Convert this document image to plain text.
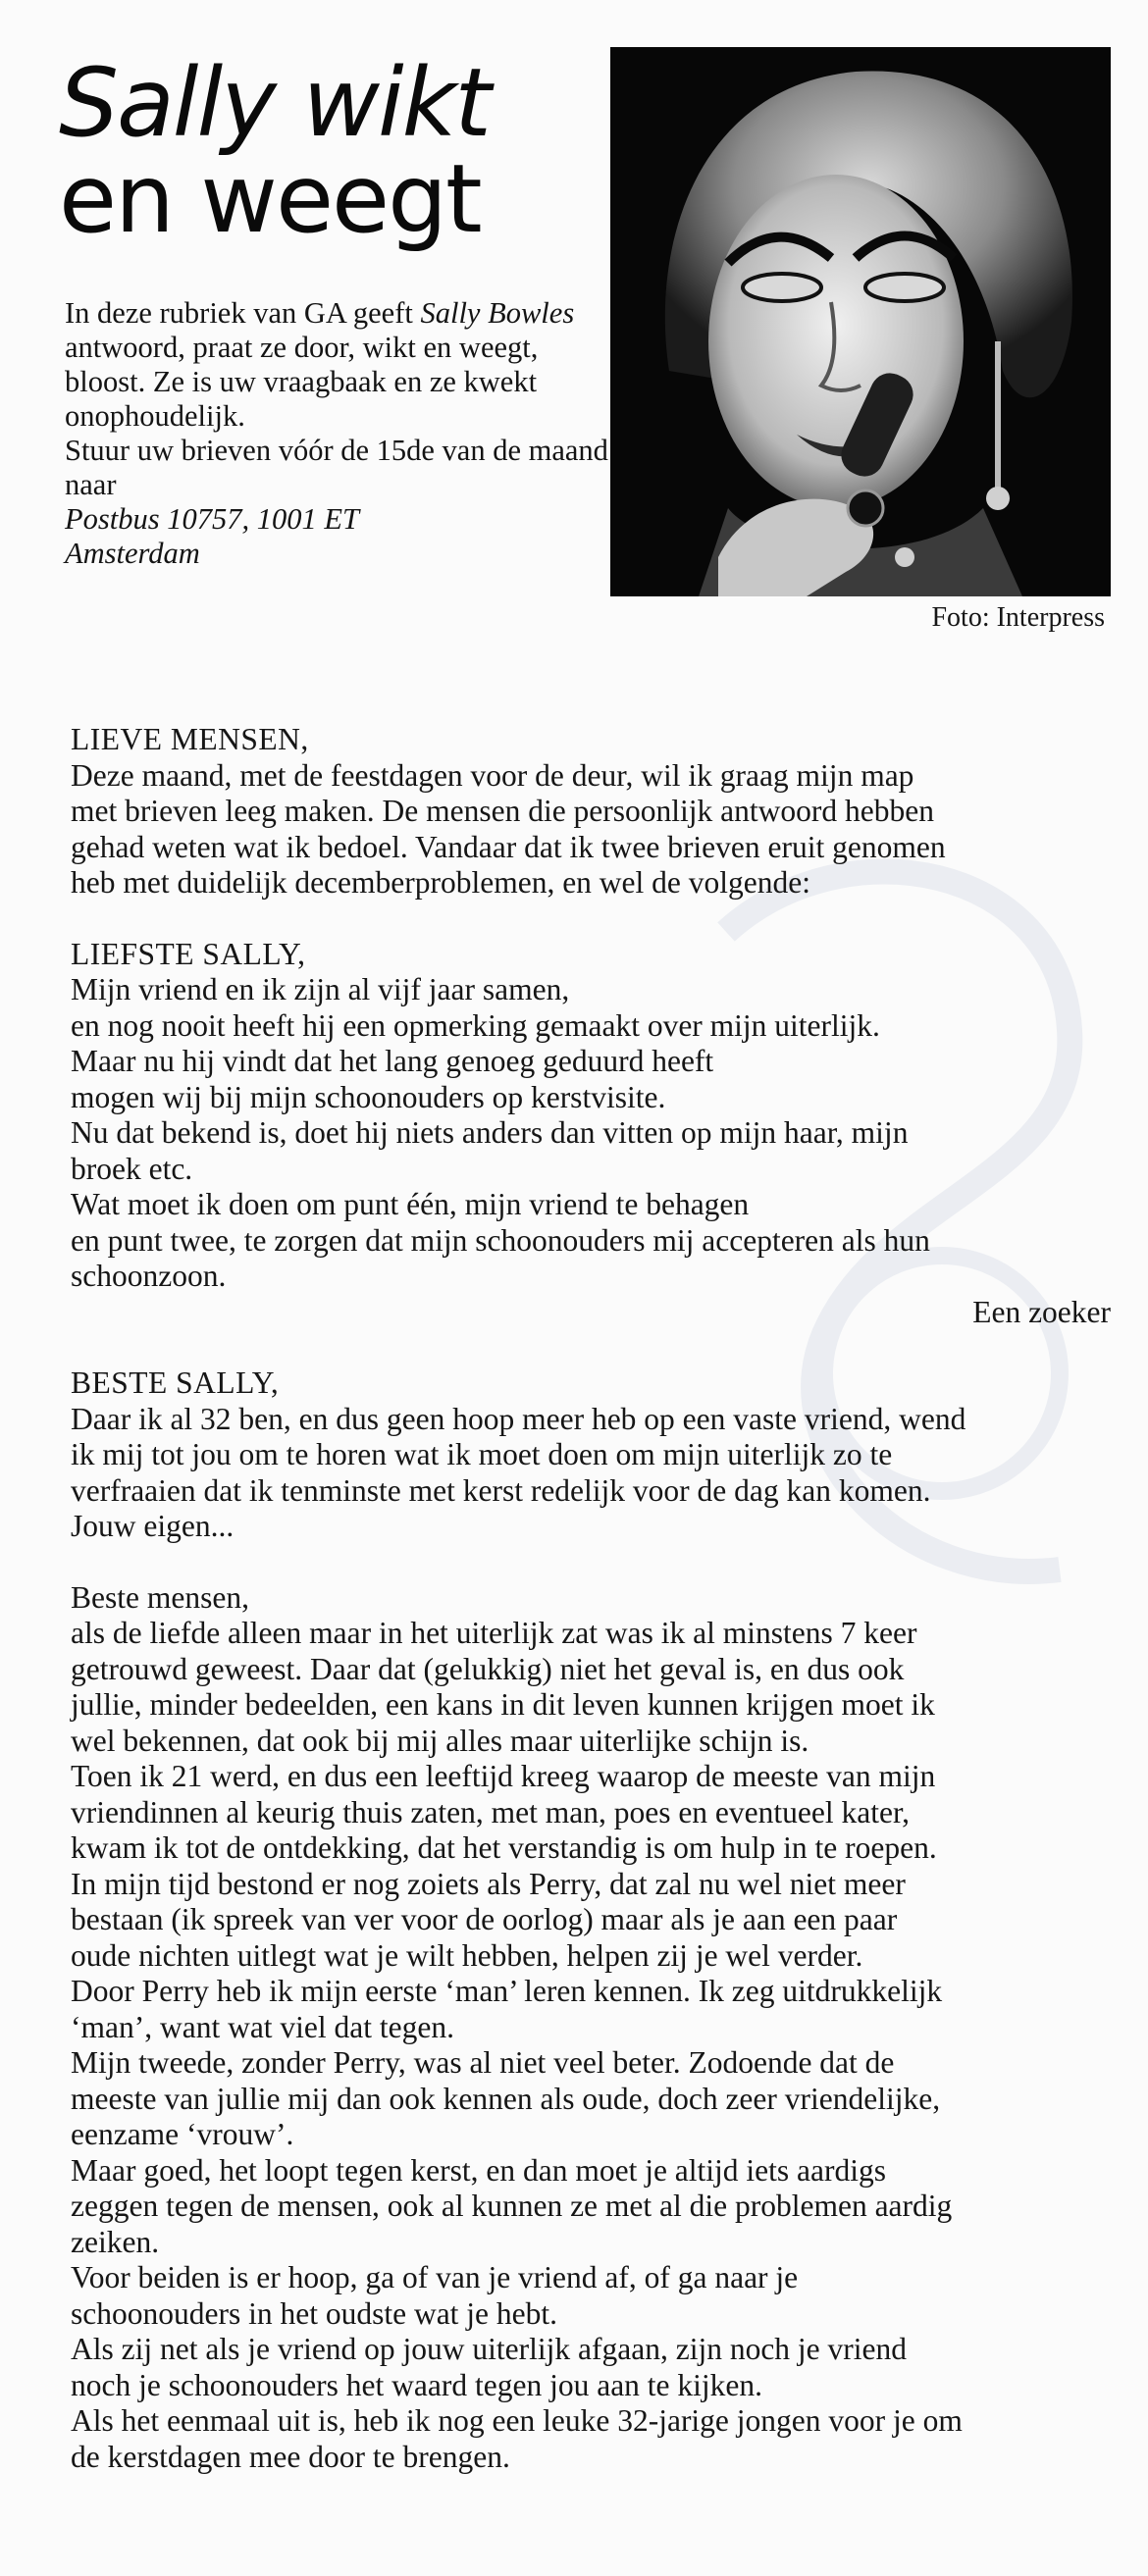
Sally wikt
en weegt

In deze rubriek van GA geeft Sally Bowles antwoord, praat ze door, wikt en weegt, bloost. Ze is uw vraagbaak en ze kwekt onophoudelijk.

Stuur uw brieven vóór de 15de van de maand naar

Postbus 10757, 1001 ET

Amsterdam

Foto: Interpress

LIEVE MENSEN,

Deze maand, met de feestdagen voor de deur, wil ik graag mijn map

met brieven leeg maken. De mensen die persoonlijk antwoord hebben

gehad weten wat ik bedoel. Vandaar dat ik twee brieven eruit genomen

heb met duidelijk decemberproblemen, en wel de volgende:

LIEFSTE SALLY,

Mijn vriend en ik zijn al vijf jaar samen,

en nog nooit heeft hij een opmerking gemaakt over mijn uiterlijk.

Maar nu hij vindt dat het lang genoeg geduurd heeft

mogen wij bij mijn schoonouders op kerstvisite.

Nu dat bekend is, doet hij niets anders dan vitten op mijn haar, mijn

broek etc.

Wat moet ik doen om punt één, mijn vriend te behagen

en punt twee, te zorgen dat mijn schoonouders mij accepteren als hun

schoonzoon.

Een zoeker

BESTE SALLY,

Daar ik al 32 ben, en dus geen hoop meer heb op een vaste vriend, wend

ik mij tot jou om te horen wat ik moet doen om mijn uiterlijk zo te

verfraaien dat ik tenminste met kerst redelijk voor de dag kan komen.

Jouw eigen...

Beste mensen,

als de liefde alleen maar in het uiterlijk zat was ik al minstens 7 keer

getrouwd geweest. Daar dat (gelukkig) niet het geval is, en dus ook

jullie, minder bedeelden, een kans in dit leven kunnen krijgen moet ik

wel bekennen, dat ook bij mij alles maar uiterlijke schijn is.

Toen ik 21 werd, en dus een leeftijd kreeg waarop de meeste van mijn

vriendinnen al keurig thuis zaten, met man, poes en eventueel kater,

kwam ik tot de ontdekking, dat het verstandig is om hulp in te roepen.

In mijn tijd bestond er nog zoiets als Perry, dat zal nu wel niet meer

bestaan (ik spreek van ver voor de oorlog) maar als je aan een paar

oude nichten uitlegt wat je wilt hebben, helpen zij je wel verder.

Door Perry heb ik mijn eerste ‘man’ leren kennen. Ik zeg uitdrukkelijk

‘man’, want wat viel dat tegen.

Mijn tweede, zonder Perry, was al niet veel beter. Zodoende dat de

meeste van jullie mij dan ook kennen als oude, doch zeer vriendelijke,

eenzame ‘vrouw’.

Maar goed, het loopt tegen kerst, en dan moet je altijd iets aardigs

zeggen tegen de mensen, ook al kunnen ze met al die problemen aardig

zeiken.

Voor beiden is er hoop, ga of van je vriend af, of ga naar je

schoonouders in het oudste wat je hebt.

Als zij net als je vriend op jouw uiterlijk afgaan, zijn noch je vriend

noch je schoonouders het waard tegen jou aan te kijken.

Als het eenmaal uit is, heb ik nog een leuke 32-jarige jongen voor je om

de kerstdagen mee door te brengen.
